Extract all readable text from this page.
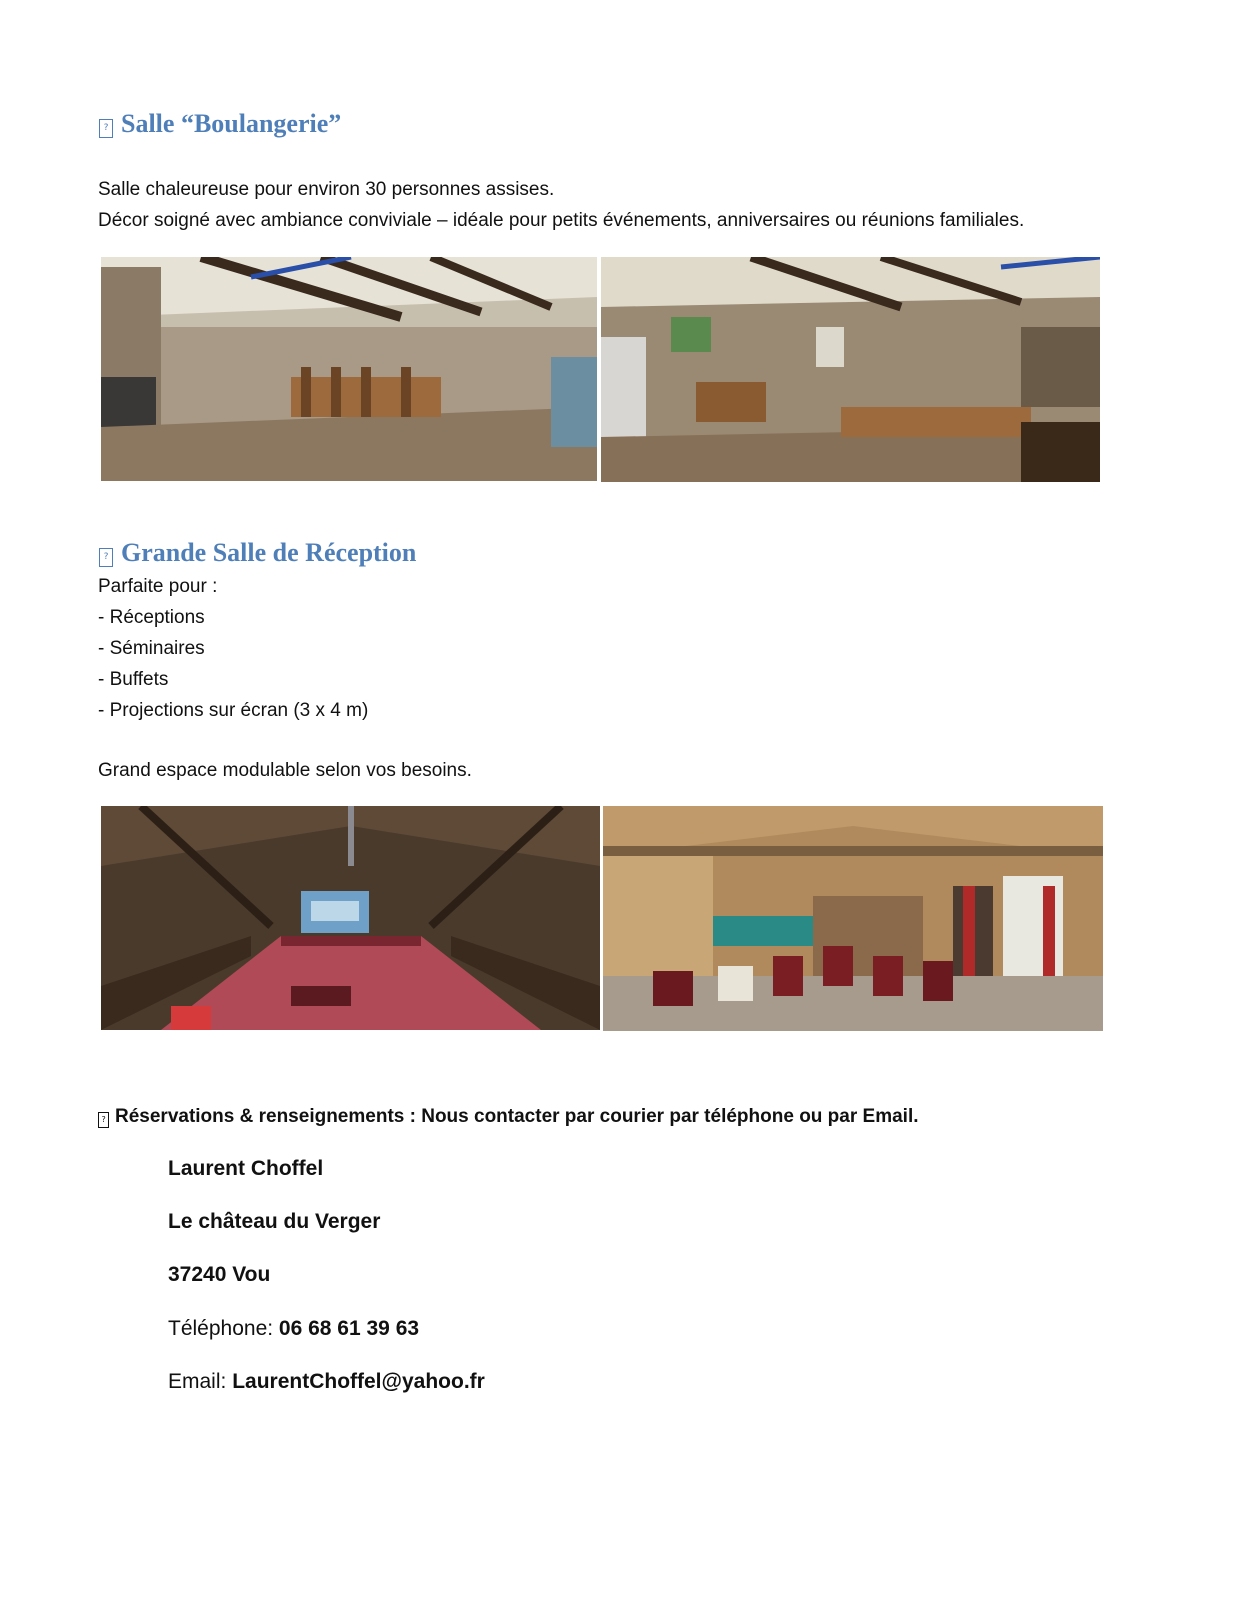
? Salle “Boulangerie”
Salle chaleureuse pour environ 30 personnes assises.
Décor soigné avec ambiance conviviale – idéale pour petits événements, anniversaires ou réunions familiales.
? Grande Salle de Réception
Parfaite pour :
- Réceptions
- Séminaires
- Buffets
- Projections sur écran (3 x 4 m)
Grand espace modulable selon vos besoins.
? Réservations & renseignements : Nous contacter par courier par téléphone ou par Email.
Laurent Choffel
Le château du Verger
37240 Vou
Téléphone: 06 68 61 39 63
Email: LaurentChoffel@yahoo.fr
